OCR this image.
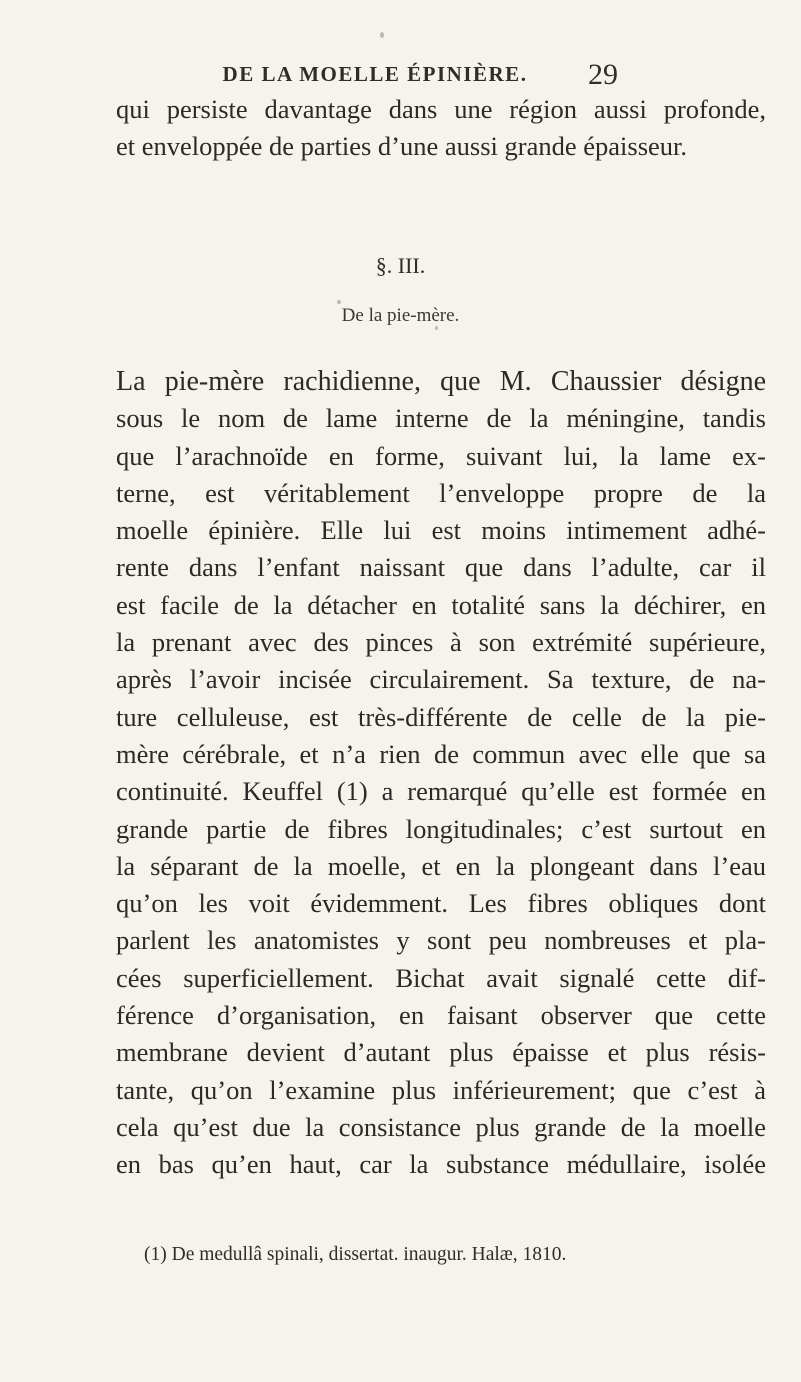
DE LA MOELLE ÉPINIÈRE.	29
qui persiste davantage dans une région aussi profonde,
et enveloppée de parties d’une aussi grande épaisseur.
§. III.
De la pie-mère.
La pie-mère rachidienne, que M. Chaussier désigne
sous le nom de lame interne de la méningine, tandis
que l’arachnoïde en forme, suivant lui, la lame ex-
terne, est véritablement l’enveloppe propre de la
moelle épinière. Elle lui est moins intimement adhé-
rente dans l’enfant naissant que dans l’adulte, car il
est facile de la détacher en totalité sans la déchirer, en
la prenant avec des pinces à son extrémité supérieure,
après l’avoir incisée circulairement. Sa texture, de na-
ture celluleuse, est très-différente de celle de la pie-
mère cérébrale, et n’a rien de commun avec elle que sa
continuité. Keuffel (1) a remarqué qu’elle est formée en
grande partie de fibres longitudinales; c’est surtout en
la séparant de la moelle, et en la plongeant dans l’eau
qu’on les voit évidemment. Les fibres obliques dont
parlent les anatomistes y sont peu nombreuses et pla-
cées superficiellement. Bichat avait signalé cette dif-
férence d’organisation, en faisant observer que cette
membrane devient d’autant plus épaisse et plus résis-
tante, qu’on l’examine plus inférieurement; que c’est à
cela qu’est due la consistance plus grande de la moelle
en bas qu’en haut, car la substance médullaire, isolée
(1) De medullâ spinali, dissertat. inaugur. Halæ, 1810.
